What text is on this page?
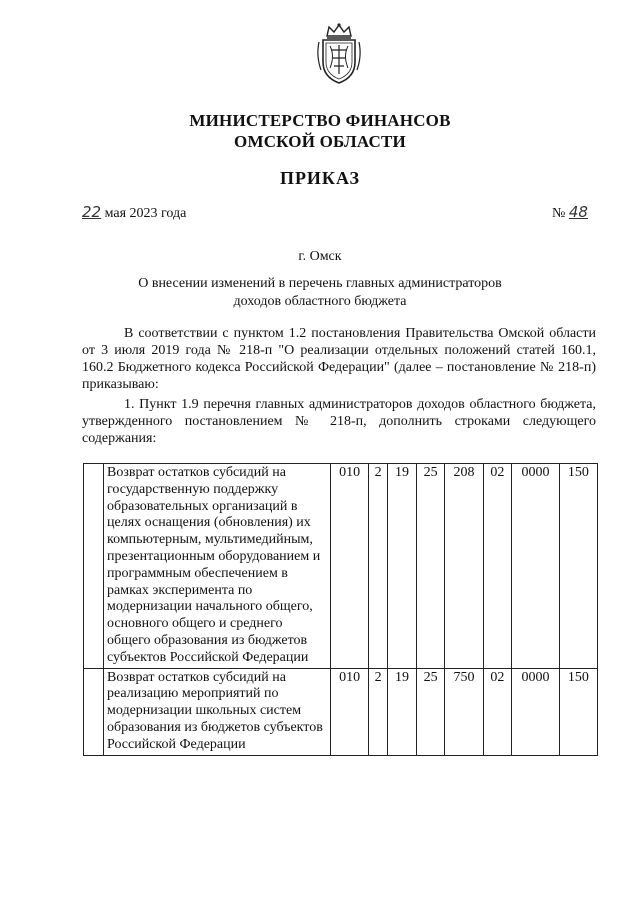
МИНИСТЕРСТВО ФИНАНСОВ
ОМСКОЙ ОБЛАСТИ
ПРИКАЗ
22 мая 2023 года	№ 48
г. Омск
О внесении изменений в перечень главных администраторов
доходов областного бюджета
В соответствии с пунктом 1.2 постановления Правительства Омской области от 3 июля 2019 года № 218-п "О реализации отдельных положений статей 160.1, 160.2 Бюджетного кодекса Российской Федерации" (далее – постановление № 218-п) приказываю:
1. Пункт 1.9 перечня главных администраторов доходов областного бюджета, утвержденного постановлением № 218-п, дополнить строками следующего содержания:
	Возврат остатков субсидий на государственную поддержку образовательных организаций в целях оснащения (обновления) их компьютерным, мультимедийным, презентационным оборудованием и программным обеспечением в рамках эксперимента по модернизации начального общего, основного общего и среднего общего образования из бюджетов субъектов Российской Федерации	010	2	19	25	208	02	0000	150
	Возврат остатков субсидий на реализацию мероприятий по модернизации школьных систем образования из бюджетов субъектов Российской Федерации	010	2	19	25	750	02	0000	150
